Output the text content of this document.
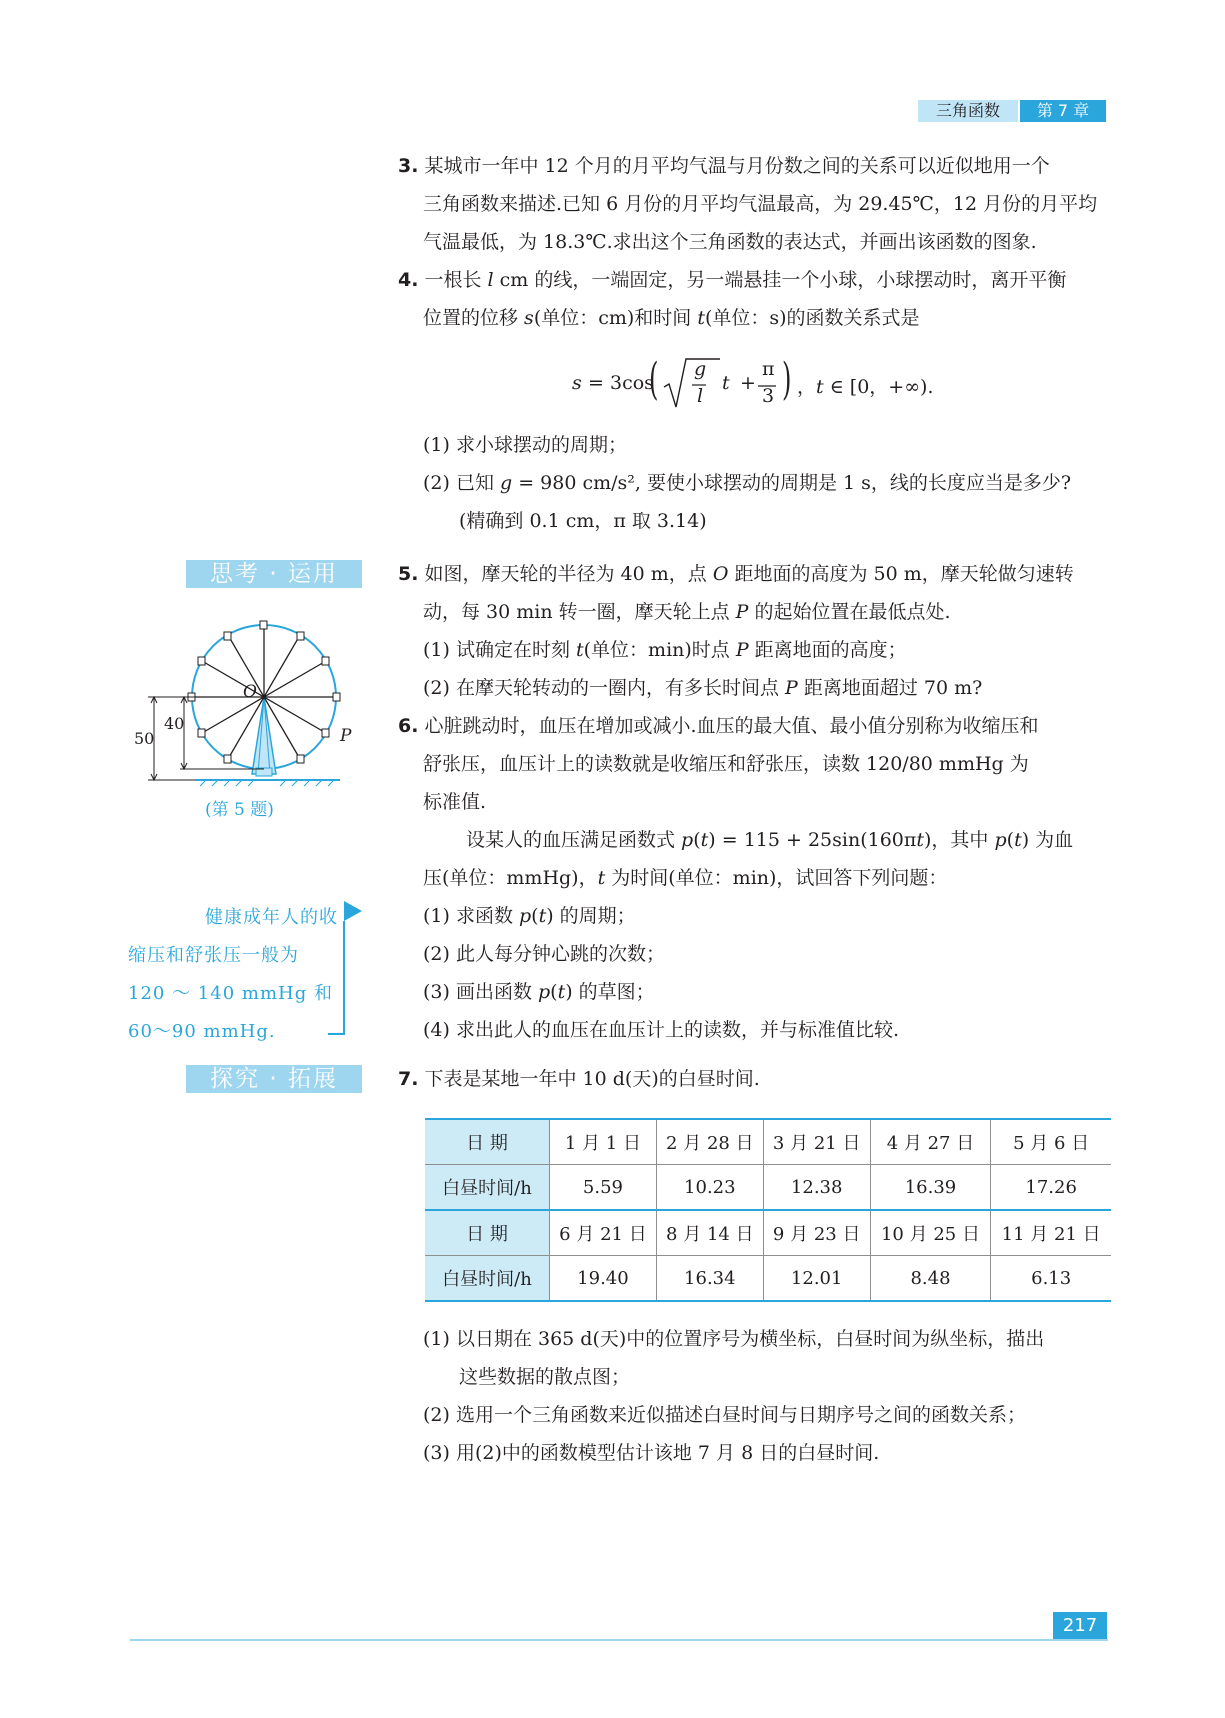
三角函数	第 7 章
3. 某城市一年中 12 个月的月平均气温与月份数之间的关系可以近似地用一个
三角函数来描述.已知 6 月份的月平均气温最高，为 29.45℃，12 月份的月平均
气温最低，为 18.3℃.求出这个三角函数的表达式，并画出该函数的图象.
4. 一根长 l cm 的线，一端固定，另一端悬挂一个小球，小球摆动时，离开平衡
位置的位移 s(单位：cm)和时间 t(单位：s)的函数关系式是
s = 3cos
( g
l
t +
π
3 ) ，t ∈ [0，+∞).
(1) 求小球摆动的周期；
(2) 已知 g = 980 cm/s², 要使小球摆动的周期是 1 s，线的长度应当是多少?
(精确到 0.1 cm，π 取 3.14)
思考 · 运用	5. 如图，摩天轮的半径为 40 m，点 O 距地面的高度为 50 m，摩天轮做匀速转
动，每 30 min 转一圈，摩天轮上点 P 的起始位置在最低点处.
(1) 试确定在时刻 t(单位：min)时点 P 距离地面的高度；
(2) 在摩天轮转动的一圈内，有多长时间点 P 距离地面超过 70 m?
O
P
50
40
(第 5 题)
6. 心脏跳动时，血压在增加或减小.血压的最大值、最小值分别称为收缩压和
舒张压，血压计上的读数就是收缩压和舒张压，读数 120/80 mmHg 为
标准值.
设某人的血压满足函数式 p(t) = 115 + 25sin(160πt)，其中 p(t) 为血
压(单位：mmHg)，t 为时间(单位：min)，试回答下列问题：
(1) 求函数 p(t) 的周期；
(2) 此人每分钟心跳的次数；
(3) 画出函数 p(t) 的草图；
(4) 求出此人的血压在血压计上的读数，并与标准值比较.
健康成年人的收
缩压和舒张压一般为
120 ～ 140 mmHg 和
60～90 mmHg.
探究 · 拓展	7. 下表是某地一年中 10 d(天)的白昼时间.
日 期	1 月 1 日	2 月 28 日	3 月 21 日	4 月 27 日	5 月 6 日
白昼时间/h	5.59	10.23	12.38	16.39	17.26
日 期	6 月 21 日	8 月 14 日	9 月 23 日	10 月 25 日	11 月 21 日
白昼时间/h	19.40	16.34	12.01	8.48	6.13
(1) 以日期在 365 d(天)中的位置序号为横坐标，白昼时间为纵坐标，描出
这些数据的散点图；
(2) 选用一个三角函数来近似描述白昼时间与日期序号之间的函数关系；
(3) 用(2)中的函数模型估计该地 7 月 8 日的白昼时间.
217
